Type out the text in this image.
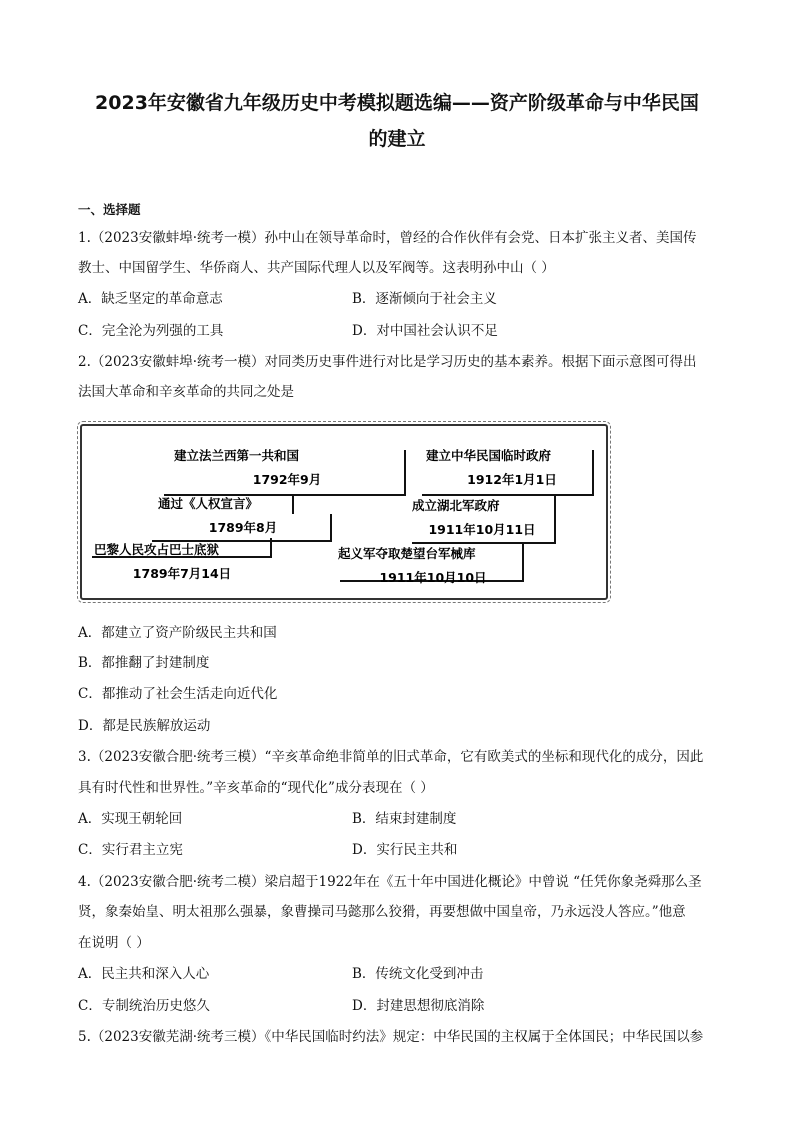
2023年安徽省九年级历史中考模拟题选编——资产阶级革命与中华民国
的建立
一、选择题
1.（2023安徽蚌埠·统考一模）孙中山在领导革命时，曾经的合作伙伴有会党、日本扩张主义者、美国传
教士、中国留学生、华侨商人、共产国际代理人以及军阀等。这表明孙中山（ ）
A．缺乏坚定的革命意志	B．逐渐倾向于社会主义
C．完全沦为列强的工具	D．对中国社会认识不足
2.（2023安徽蚌埠·统考一模）对同类历史事件进行对比是学习历史的基本素养。根据下面示意图可得出
法国大革命和辛亥革命的共同之处是
巴黎人民攻占巴士底狱
1789年7月14日
通过《人权宣言》
1789年8月
建立法兰西第一共和国
1792年9月
起义军夺取楚望台军械库
1911年10月10日
成立湖北军政府
1911年10月11日
建立中华民国临时政府
1912年1月1日
A．都建立了资产阶级民主共和国
B．都推翻了封建制度
C．都推动了社会生活走向近代化
D．都是民族解放运动
3.（2023安徽合肥·统考三模）“辛亥革命绝非简单的旧式革命，它有欧美式的坐标和现代化的成分，因此
具有时代性和世界性。”辛亥革命的“现代化”成分表现在（ ）
A．实现王朝轮回	B．结束封建制度
C．实行君主立宪	D．实行民主共和
4.（2023安徽合肥·统考二模）梁启超于1922年在《五十年中国进化概论》中曾说 “任凭你象尧舜那么圣
贤，象秦始皇、明太祖那么强暴，象曹操司马懿那么狡猾，再要想做中国皇帝，乃永远没人答应。”他意
在说明（ ）
A．民主共和深入人心	B．传统文化受到冲击
C．专制统治历史悠久	D．封建思想彻底消除
5.（2023安徽芜湖·统考三模）《中华民国临时约法》规定：中华民国的主权属于全体国民；中华民国以参
